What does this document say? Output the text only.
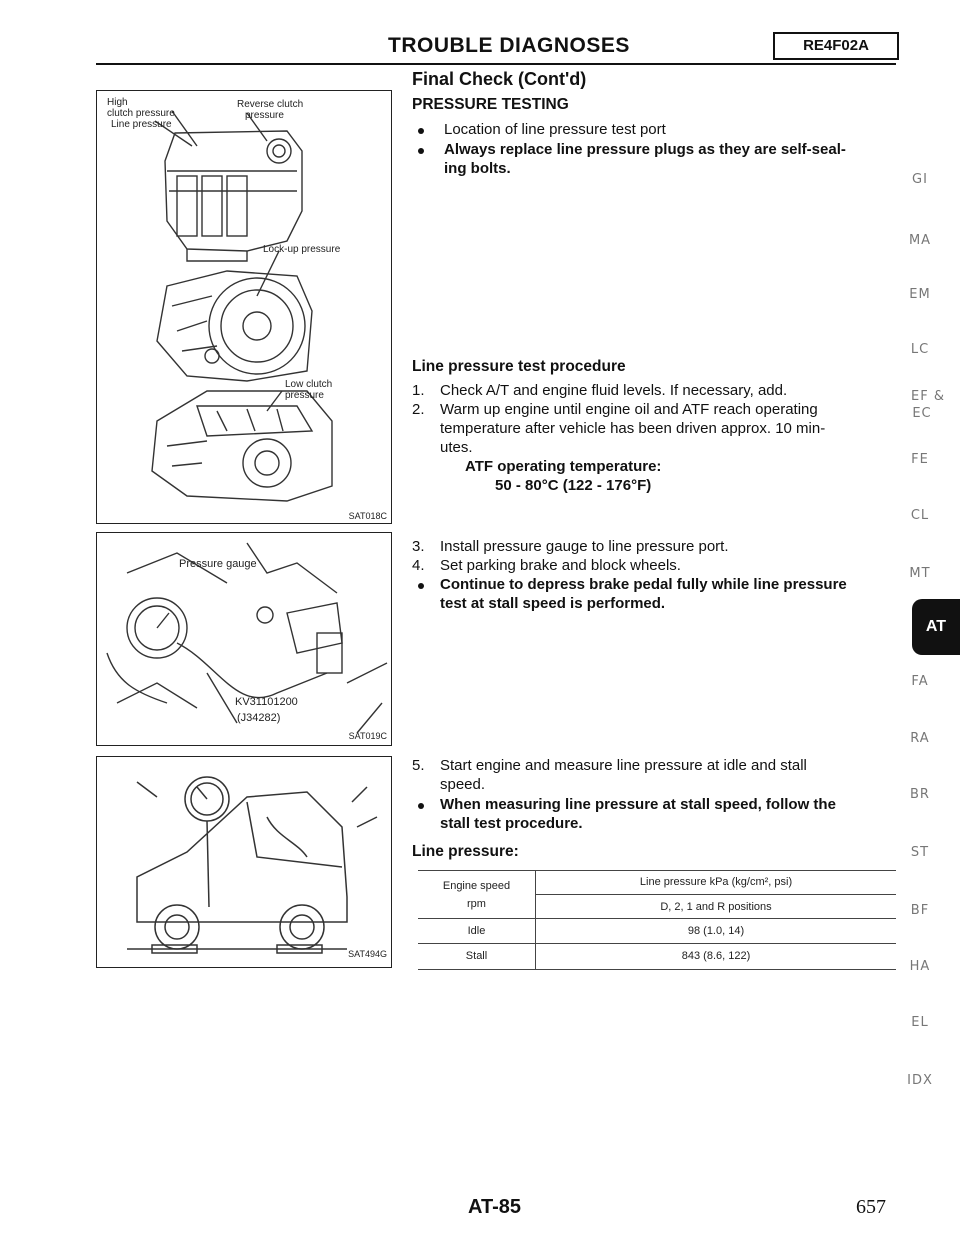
TROUBLE DIAGNOSES	RE4F02A
High
clutch pressure
Line pressure
Reverse clutch
pressure
Lock-up pressure
Low clutch
pressure
SAT018C
Pressure gauge
KV31101200
(J34282)
SAT019C
SAT494G
Final Check (Cont'd)
PRESSURE TESTING
Location of line pressure test port
Always replace line pressure plugs as they are self-seal-
ing bolts.
Line pressure test procedure
1. Check A/T and engine fluid levels. If necessary, add.
2. Warm up engine until engine oil and ATF reach operating
temperature after vehicle has been driven approx. 10 min-
utes.
ATF operating temperature:
50 - 80°C (122 - 176°F)
3. Install pressure gauge to line pressure port.
4. Set parking brake and block wheels.
Continue to depress brake pedal fully while line pressure
test at stall speed is performed.
5. Start engine and measure line pressure at idle and stall
speed.
When measuring line pressure at stall speed, follow the
stall test procedure.
Line pressure:
Engine speed
rpm
Line pressure kPa (kg/cm², psi)
D, 2, 1 and R positions
Idle	98 (1.0, 14)
Stall	843 (8.6, 122)
GI
MA
EM
LC
EF &
EC
FE
CL
MT
AT
FA
RA
BR
ST
BF
HA
EL
IDX
AT-85	657
